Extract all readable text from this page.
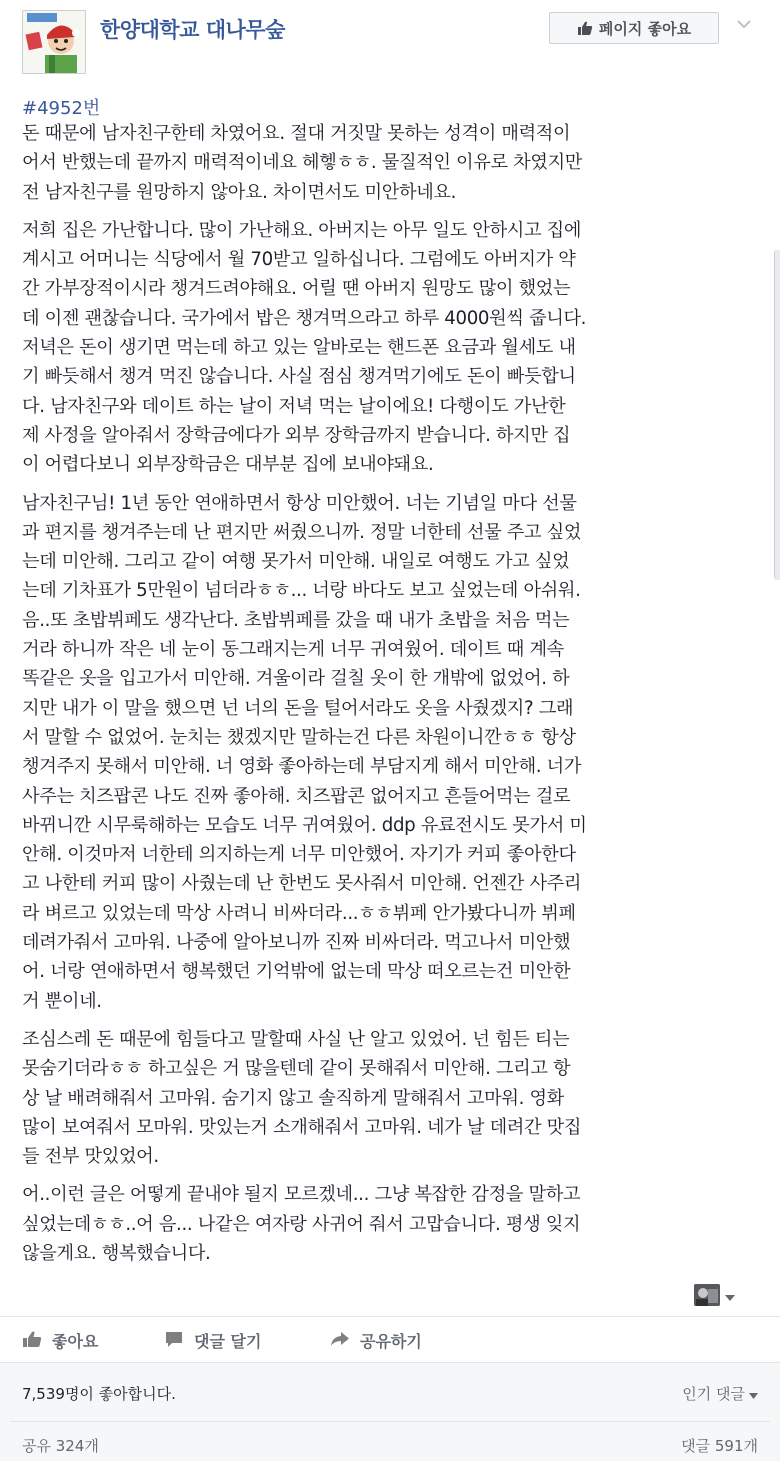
한양대학교 대나무숲	페이지 좋아요
#4952번

돈 때문에 남자친구한테 차였어요. 절대 거짓말 못하는 성격이 매력적이
어서 반했는데 끝까지 매력적이네요 헤헿ㅎㅎ. 물질적인 이유로 차였지만
전 남자친구를 원망하지 않아요. 차이면서도 미안하네요.

저희 집은 가난합니다. 많이 가난해요. 아버지는 아무 일도 안하시고 집에
계시고 어머니는 식당에서 월 70받고 일하십니다. 그럼에도 아버지가 약
간 가부장적이시라 챙겨드려야해요. 어릴 땐 아버지 원망도 많이 했었는
데 이젠 괜찮습니다. 국가에서 밥은 챙겨먹으라고 하루 4000원씩 줍니다.
저녁은 돈이 생기면 먹는데 하고 있는 알바로는 핸드폰 요금과 월세도 내
기 빠듯해서 챙겨 먹진 않습니다. 사실 점심 챙겨먹기에도 돈이 빠듯합니
다. 남자친구와 데이트 하는 날이 저녁 먹는 날이에요! 다행이도 가난한
제 사정을 알아줘서 장학금에다가 외부 장학금까지 받습니다. 하지만 집
이 어렵다보니 외부장학금은 대부분 집에 보내야돼요.

남자친구님! 1년 동안 연애하면서 항상 미안했어. 너는 기념일 마다 선물
과 편지를 챙겨주는데 난 편지만 써줬으니까. 정말 너한테 선물 주고 싶었
는데 미안해. 그리고 같이 여행 못가서 미안해. 내일로 여행도 가고 싶었
는데 기차표가 5만원이 넘더라ㅎㅎ... 너랑 바다도 보고 싶었는데 아쉬워.
음..또 초밥뷔페도 생각난다. 초밥뷔페를 갔을 때 내가 초밥을 처음 먹는
거라 하니까 작은 네 눈이 동그래지는게 너무 귀여웠어. 데이트 때 계속
똑같은 옷을 입고가서 미안해. 겨울이라 걸칠 옷이 한 개밖에 없었어. 하
지만 내가 이 말을 했으면 넌 너의 돈을 털어서라도 옷을 사줬겠지? 그래
서 말할 수 없었어. 눈치는 챘겠지만 말하는건 다른 차원이니깐ㅎㅎ 항상
챙겨주지 못해서 미안해. 너 영화 좋아하는데 부담지게 해서 미안해. 너가
사주는 치즈팝콘 나도 진짜 좋아해. 치즈팝콘 없어지고 흔들어먹는 걸로
바뀌니깐 시무룩해하는 모습도 너무 귀여웠어. ddp 유료전시도 못가서 미
안해. 이것마저 너한테 의지하는게 너무 미안했어. 자기가 커피 좋아한다
고 나한테 커피 많이 사줬는데 난 한번도 못사줘서 미안해. 언젠간 사주리
라 벼르고 있었는데 막상 사려니 비싸더라...ㅎㅎ뷔페 안가봤다니까 뷔페
데려가줘서 고마워. 나중에 알아보니까 진짜 비싸더라. 먹고나서 미안했
어. 너랑 연애하면서 행복했던 기억밖에 없는데 막상 떠오르는건 미안한
거 뿐이네.

조심스레 돈 때문에 힘들다고 말할때 사실 난 알고 있었어. 넌 힘든 티는
못숨기더라ㅎㅎ 하고싶은 거 많을텐데 같이 못해줘서 미안해. 그리고 항
상 날 배려해줘서 고마워. 숨기지 않고 솔직하게 말해줘서 고마워. 영화
많이 보여줘서 모마워. 맛있는거 소개해줘서 고마워. 네가 날 데려간 맛집
들 전부 맛있었어.

어..이런 글은 어떻게 끝내야 될지 모르겠네... 그냥 복잡한 감정을 말하고
싶었는데ㅎㅎ..어 음... 나같은 여자랑 사귀어 줘서 고맙습니다. 평생 잊지
않을게요. 행복했습니다.

좋아요	댓글 달기	공유하기
7,539명이 좋아합니다.	인기 댓글
공유 324개	댓글 591개
